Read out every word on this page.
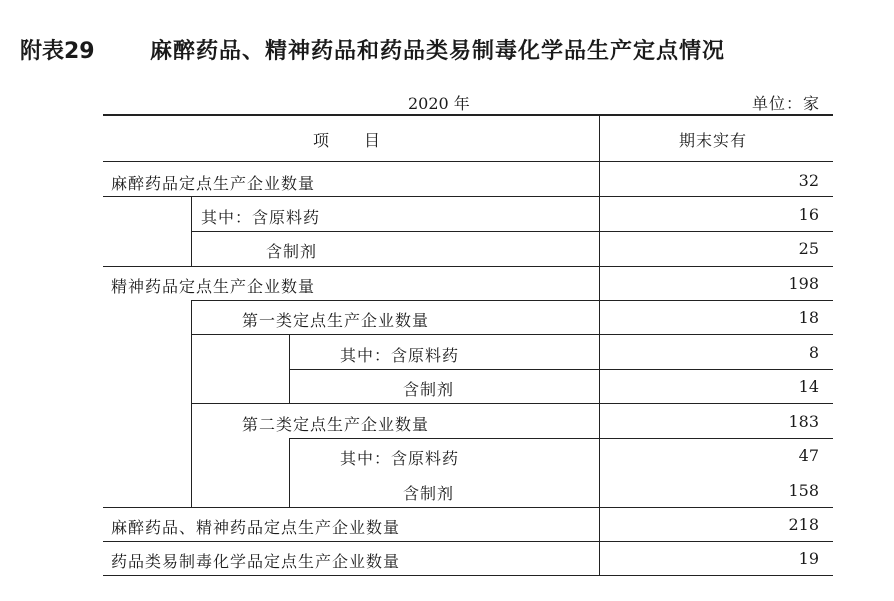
附表29	麻醉药品、精神药品和药品类易制毒化学品生产定点情况
2020 年	单位：家
项　　目	期末实有
麻醉药品定点生产企业数量	32
其中：含原料药	16
含制剂	25
精神药品定点生产企业数量	198
第一类定点生产企业数量	18
其中：含原料药	8
含制剂	14
第二类定点生产企业数量	183
其中：含原料药	47
含制剂	158
麻醉药品、精神药品定点生产企业数量	218
药品类易制毒化学品定点生产企业数量	19
